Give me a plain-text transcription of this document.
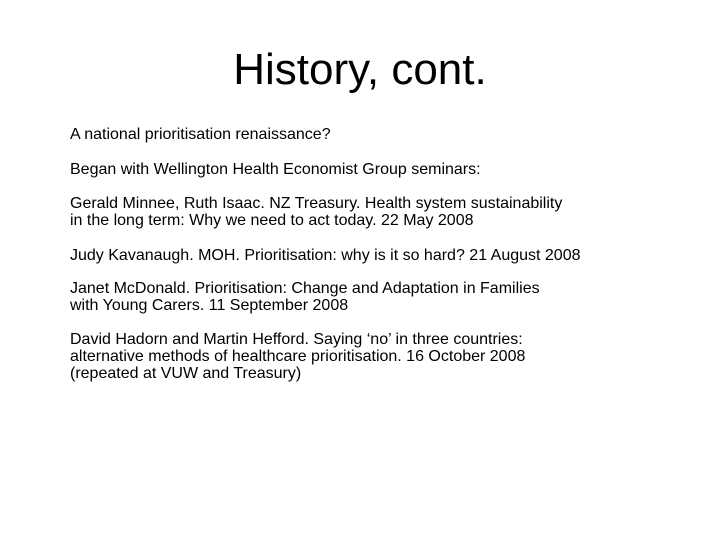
History, cont.

A national prioritisation renaissance?

Began with Wellington Health Economist Group seminars:

Gerald Minnee, Ruth Isaac. NZ Treasury. Health system sustainability
in the long term: Why we need to act today. 22 May 2008

Judy Kavanaugh. MOH. Prioritisation: why is it so hard? 21 August 2008

Janet McDonald. Prioritisation: Change and Adaptation in Families
with Young Carers. 11 September 2008

David Hadorn and Martin Hefford. Saying ‘no’ in three countries:
alternative methods of healthcare prioritisation. 16 October 2008
(repeated at VUW and Treasury)
